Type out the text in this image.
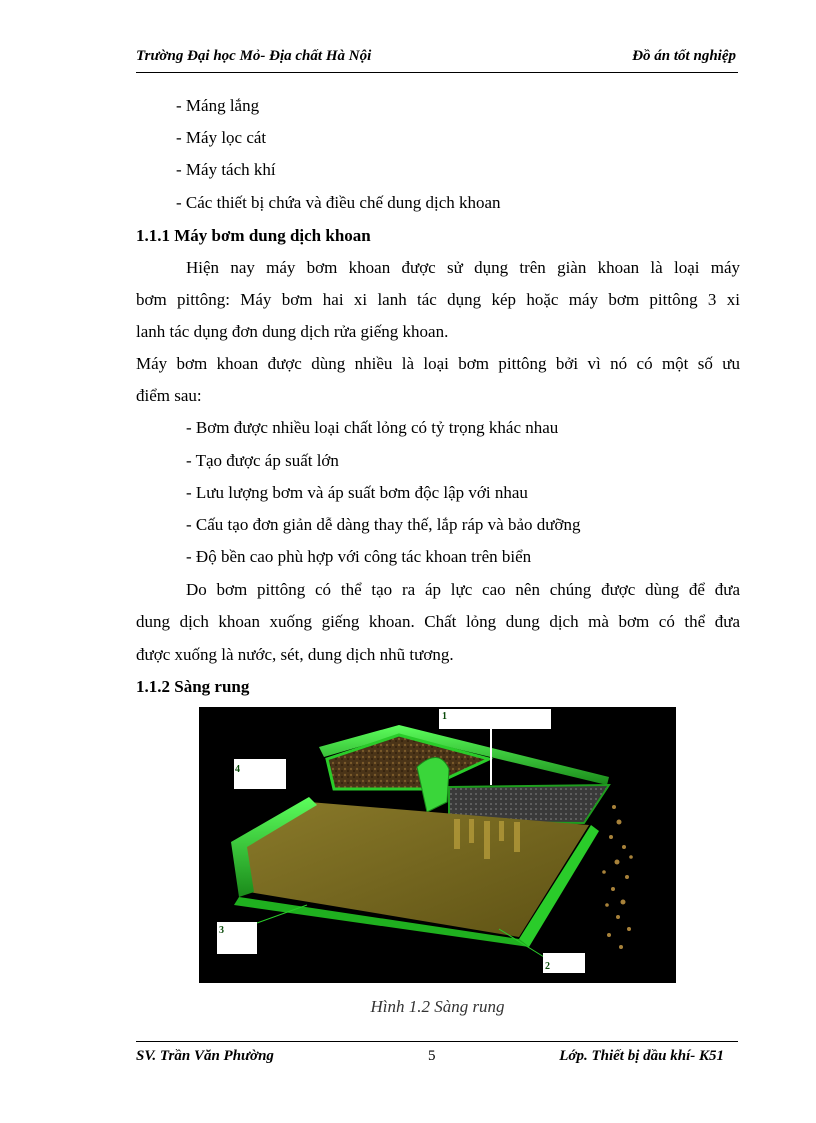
Trường Đại học Mỏ- Địa chất Hà Nội	Đồ án tốt nghiệp
- Máng lắng
- Máy lọc cát
- Máy tách khí
- Các thiết bị chứa và điều chế dung dịch khoan
1.1.1 Máy bơm dung dịch khoan
Hiện nay máy bơm khoan được sử dụng trên giàn khoan là loại máy
bơm pittông: Máy bơm hai xi lanh tác dụng kép hoặc máy bơm pittông 3 xi
lanh tác dụng đơn dung dịch rửa giếng khoan.
Máy bơm khoan được dùng nhiều là loại bơm pittông bởi vì nó có một số ưu
điểm sau:
- Bơm được nhiều loại chất lỏng có tỷ trọng khác nhau
- Tạo được áp suất lớn
- Lưu lượng bơm và áp suất bơm độc lập với nhau
- Cấu tạo đơn giản dễ dàng thay thế, lắp ráp và bảo dưỡng
- Độ bền cao phù hợp với công tác khoan trên biển
Do bơm pittông có thể tạo ra áp lực cao nên chúng được dùng để đưa
dung dịch khoan xuống giếng khoan. Chất lỏng dung dịch mà bơm có thể đưa
được xuống là nước, sét, dung dịch nhũ tương.
1.1.2 Sàng rung
1
2
3
4
Hình 1.2 Sàng rung
SV. Trần Văn Phường	5	Lớp. Thiết bị dầu khí- K51
